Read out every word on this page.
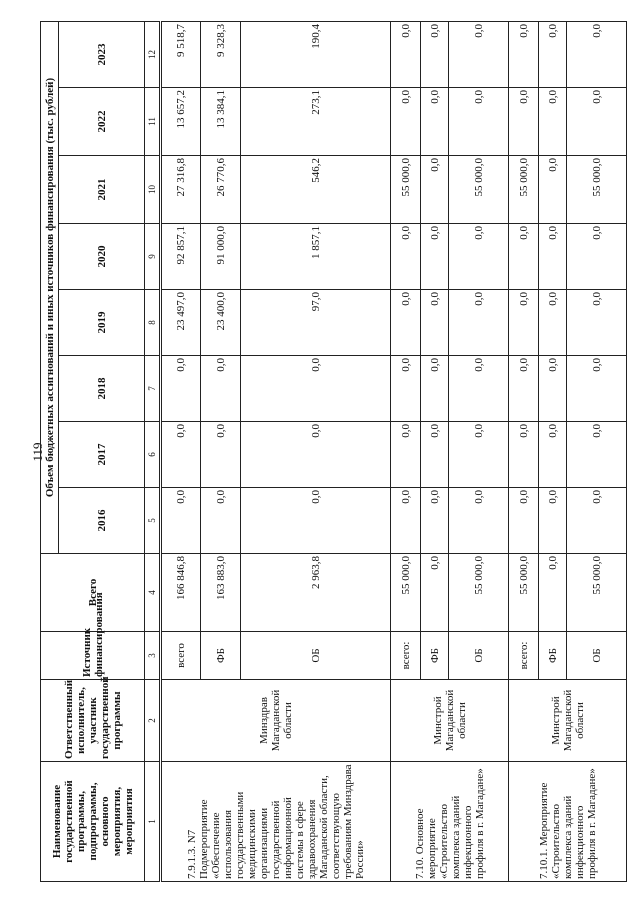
119
Наименование государственной программы, подпрограммы, основного мероприятия, мероприятия	Ответственный исполнитель, участник государственной программы	Источник финансирования	Всего	Объем бюджетных ассигнований и иных источников финансирования (тыс. рублей)							
				2016	2017	2018	2019	2020	2021	2022	2023
1	2	3	4	5	6	7	8	9	10	11	12
7.9.1.3. N7 Подмероприятие «Обеспечение использования государственными медицинскими организациями государственной информационной системы в сфере здравоохранения Магаданской области, соответствующую требованиям Минздрава России»	Минздрав Магаданской области	всего	166 846,8	0,0	0,0	0,0	23 497,0	92 857,1	27 316,8	13 657,2	9 518,7
		ФБ	163 883,0	0,0	0,0	0,0	23 400,0	91 000,0	26 770,6	13 384,1	9 328,3
		ОБ	2 963,8	0,0	0,0	0,0	97,0	1 857,1	546,2	273,1	190,4
7.10. Основное мероприятие «Строительство комплекса зданий инфекционного профиля в г. Магадане»	Минстрой Магаданской области	всего:	55 000,0	0,0	0,0	0,0	0,0	0,0	55 000,0	0,0	0,0
		ФБ	0,0	0,0	0,0	0,0	0,0	0,0	0,0	0,0	0,0
		ОБ	55 000,0	0,0	0,0	0,0	0,0	0,0	55 000,0	0,0	0,0
7.10.1. Мероприятие «Строительство комплекса зданий инфекционного профиля в г. Магадане»	Минстрой Магаданской области	всего:	55 000,0	0,0	0,0	0,0	0,0	0,0	55 000,0	0,0	0,0
		ФБ	0,0	0,0	0,0	0,0	0,0	0,0	0,0	0,0	0,0
		ОБ	55 000,0	0,0	0,0	0,0	0,0	0,0	55 000,0	0,0	0,0
